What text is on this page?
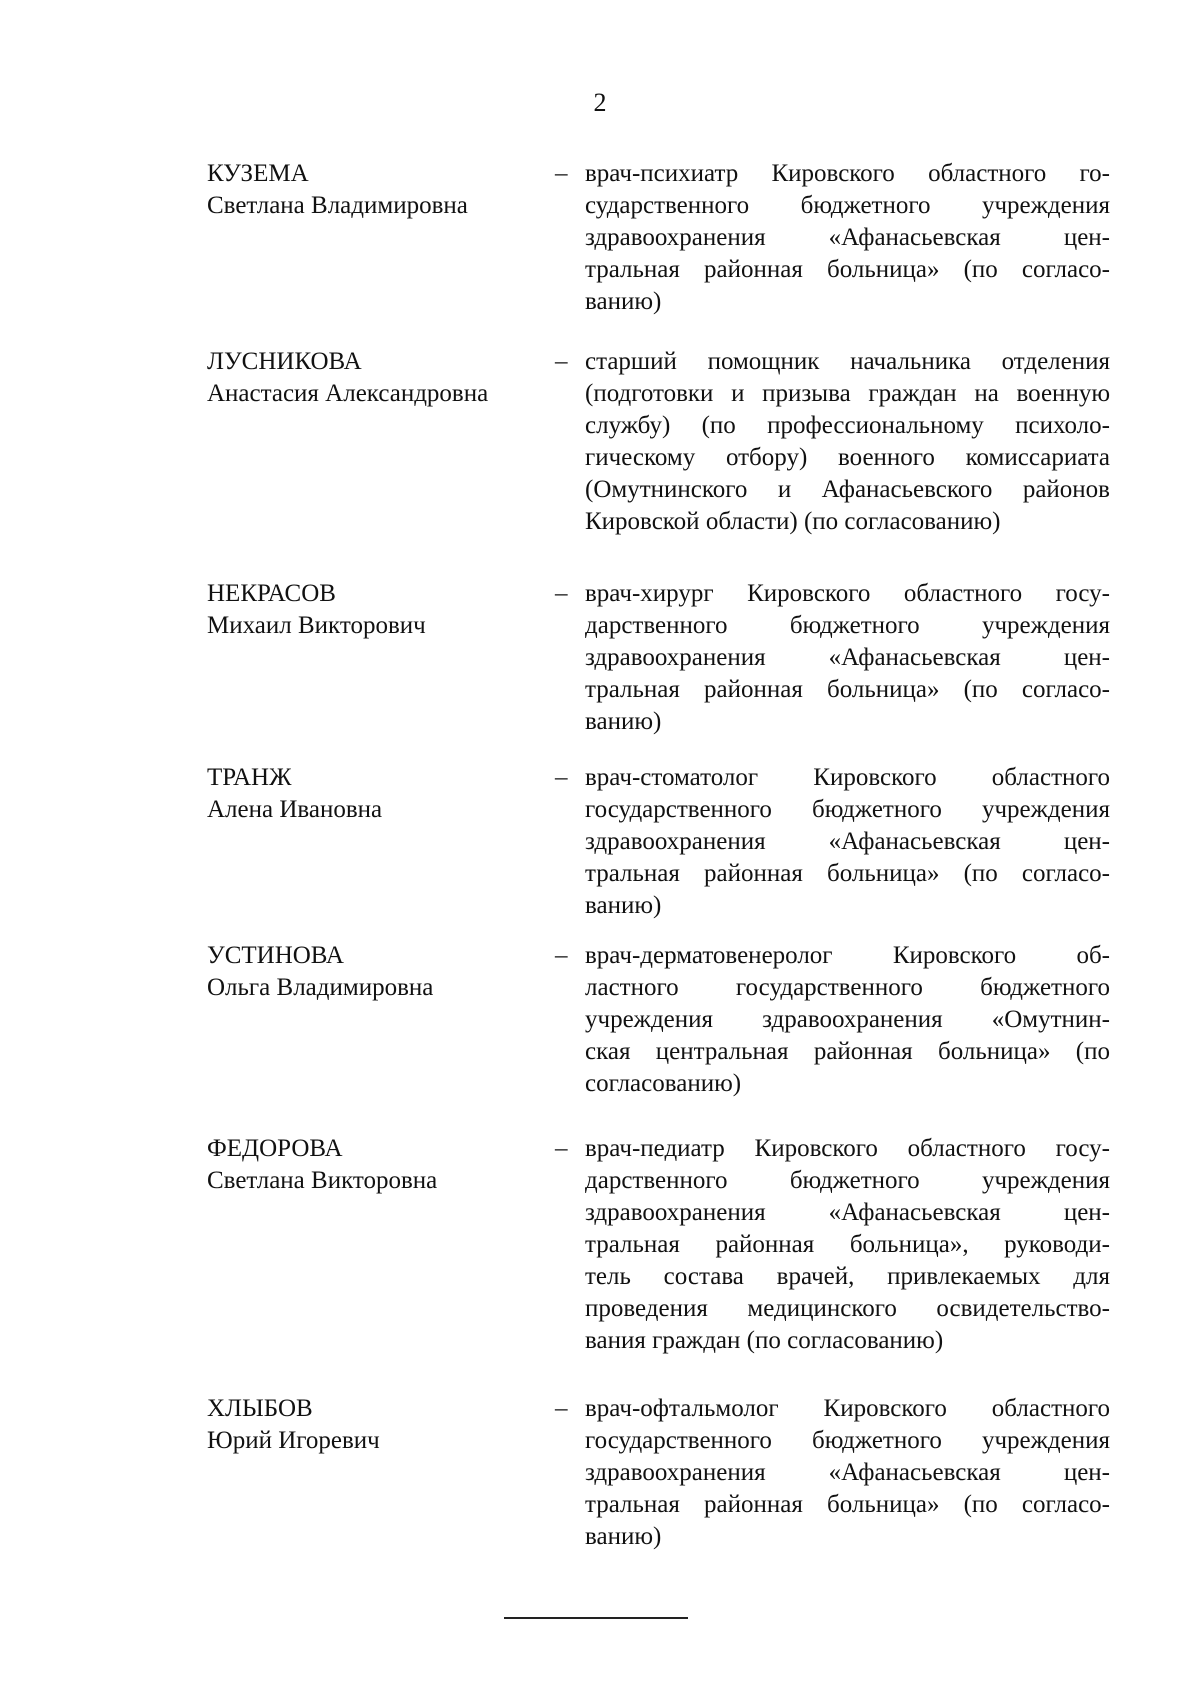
2
КУЗЕМА
Светлана Владимировна
– врач-психиатр Кировского областного го-
сударственного бюджетного учреждения
здравоохранения «Афанасьевская цен-
тральная районная больница» (по согласо-
ванию)
ЛУСНИКОВА
Анастасия Александровна
– старший помощник начальника отделения
(подготовки и призыва граждан на военную
службу) (по профессиональному психоло-
гическому отбору) военного комиссариата
(Омутнинского и Афанасьевского районов
Кировской области) (по согласованию)
НЕКРАСОВ
Михаил Викторович
– врач-хирург Кировского областного госу-
дарственного бюджетного учреждения
здравоохранения «Афанасьевская цен-
тральная районная больница» (по согласо-
ванию)
ТРАНЖ
Алена Ивановна
– врач-стоматолог Кировского областного
государственного бюджетного учреждения
здравоохранения «Афанасьевская цен-
тральная районная больница» (по согласо-
ванию)
УСТИНОВА
Ольга Владимировна
– врач-дерматовенеролог Кировского об-
ластного государственного бюджетного
учреждения здравоохранения «Омутнин-
ская центральная районная больница» (по
согласованию)
ФЕДОРОВА
Светлана Викторовна
– врач-педиатр Кировского областного госу-
дарственного бюджетного учреждения
здравоохранения «Афанасьевская цен-
тральная районная больница», руководи-
тель состава врачей, привлекаемых для
проведения медицинского освидетельство-
вания граждан (по согласованию)
ХЛЫБОВ
Юрий Игоревич
– врач-офтальмолог Кировского областного
государственного бюджетного учреждения
здравоохранения «Афанасьевская цен-
тральная районная больница» (по согласо-
ванию)
